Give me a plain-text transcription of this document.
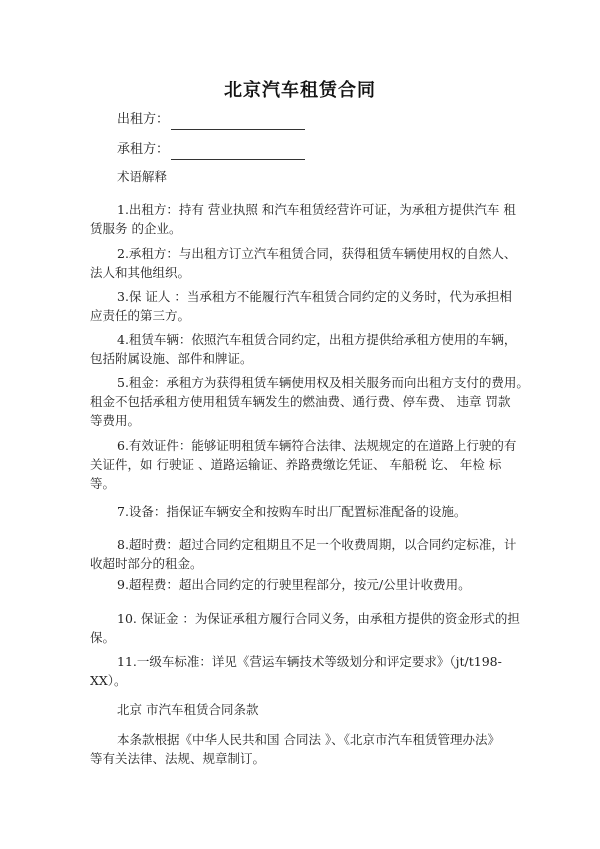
北京汽车租赁合同
出租方：
承租方：
术语解释
1.出租方：持有 营业执照 和汽车租赁经营许可证，为承租方提供汽车 租
赁服务 的企业。
2.承租方：与出租方订立汽车租赁合同，获得租赁车辆使用权的自然人、
法人和其他组织。
3.保 证人 ：当承租方不能履行汽车租赁合同约定的义务时，代为承担相
应责任的第三方。
4.租赁车辆：依照汽车租赁合同约定，出租方提供给承租方使用的车辆，
包括附属设施、部件和牌证。
5.租金：承租方为获得租赁车辆使用权及相关服务而向出租方支付的费用。
租金不包括承租方使用租赁车辆发生的燃油费、通行费、停车费、 违章 罚款
等费用。
6.有效证件：能够证明租赁车辆符合法律、法规规定的在道路上行驶的有
关证件，如 行驶证 、道路运输证、养路费缴讫凭证、 车船税 讫、 年检 标
等。
7.设备：指保证车辆安全和按购车时出厂配置标准配备的设施。
8.超时费：超过合同约定租期且不足一个收费周期，以合同约定标准，计
收超时部分的租金。
9.超程费：超出合同约定的行驶里程部分，按元/公里计收费用。
10. 保证金 ：为保证承租方履行合同义务，由承租方提供的资金形式的担
保。
11.一级车标准：详见《营运车辆技术等级划分和评定要求》（jt/t198-
XX）。
北京 市汽车租赁合同条款
本条款根据《中华人民共和国 合同法 》、《北京市汽车租赁管理办法》
等有关法律、法规、规章制订。
